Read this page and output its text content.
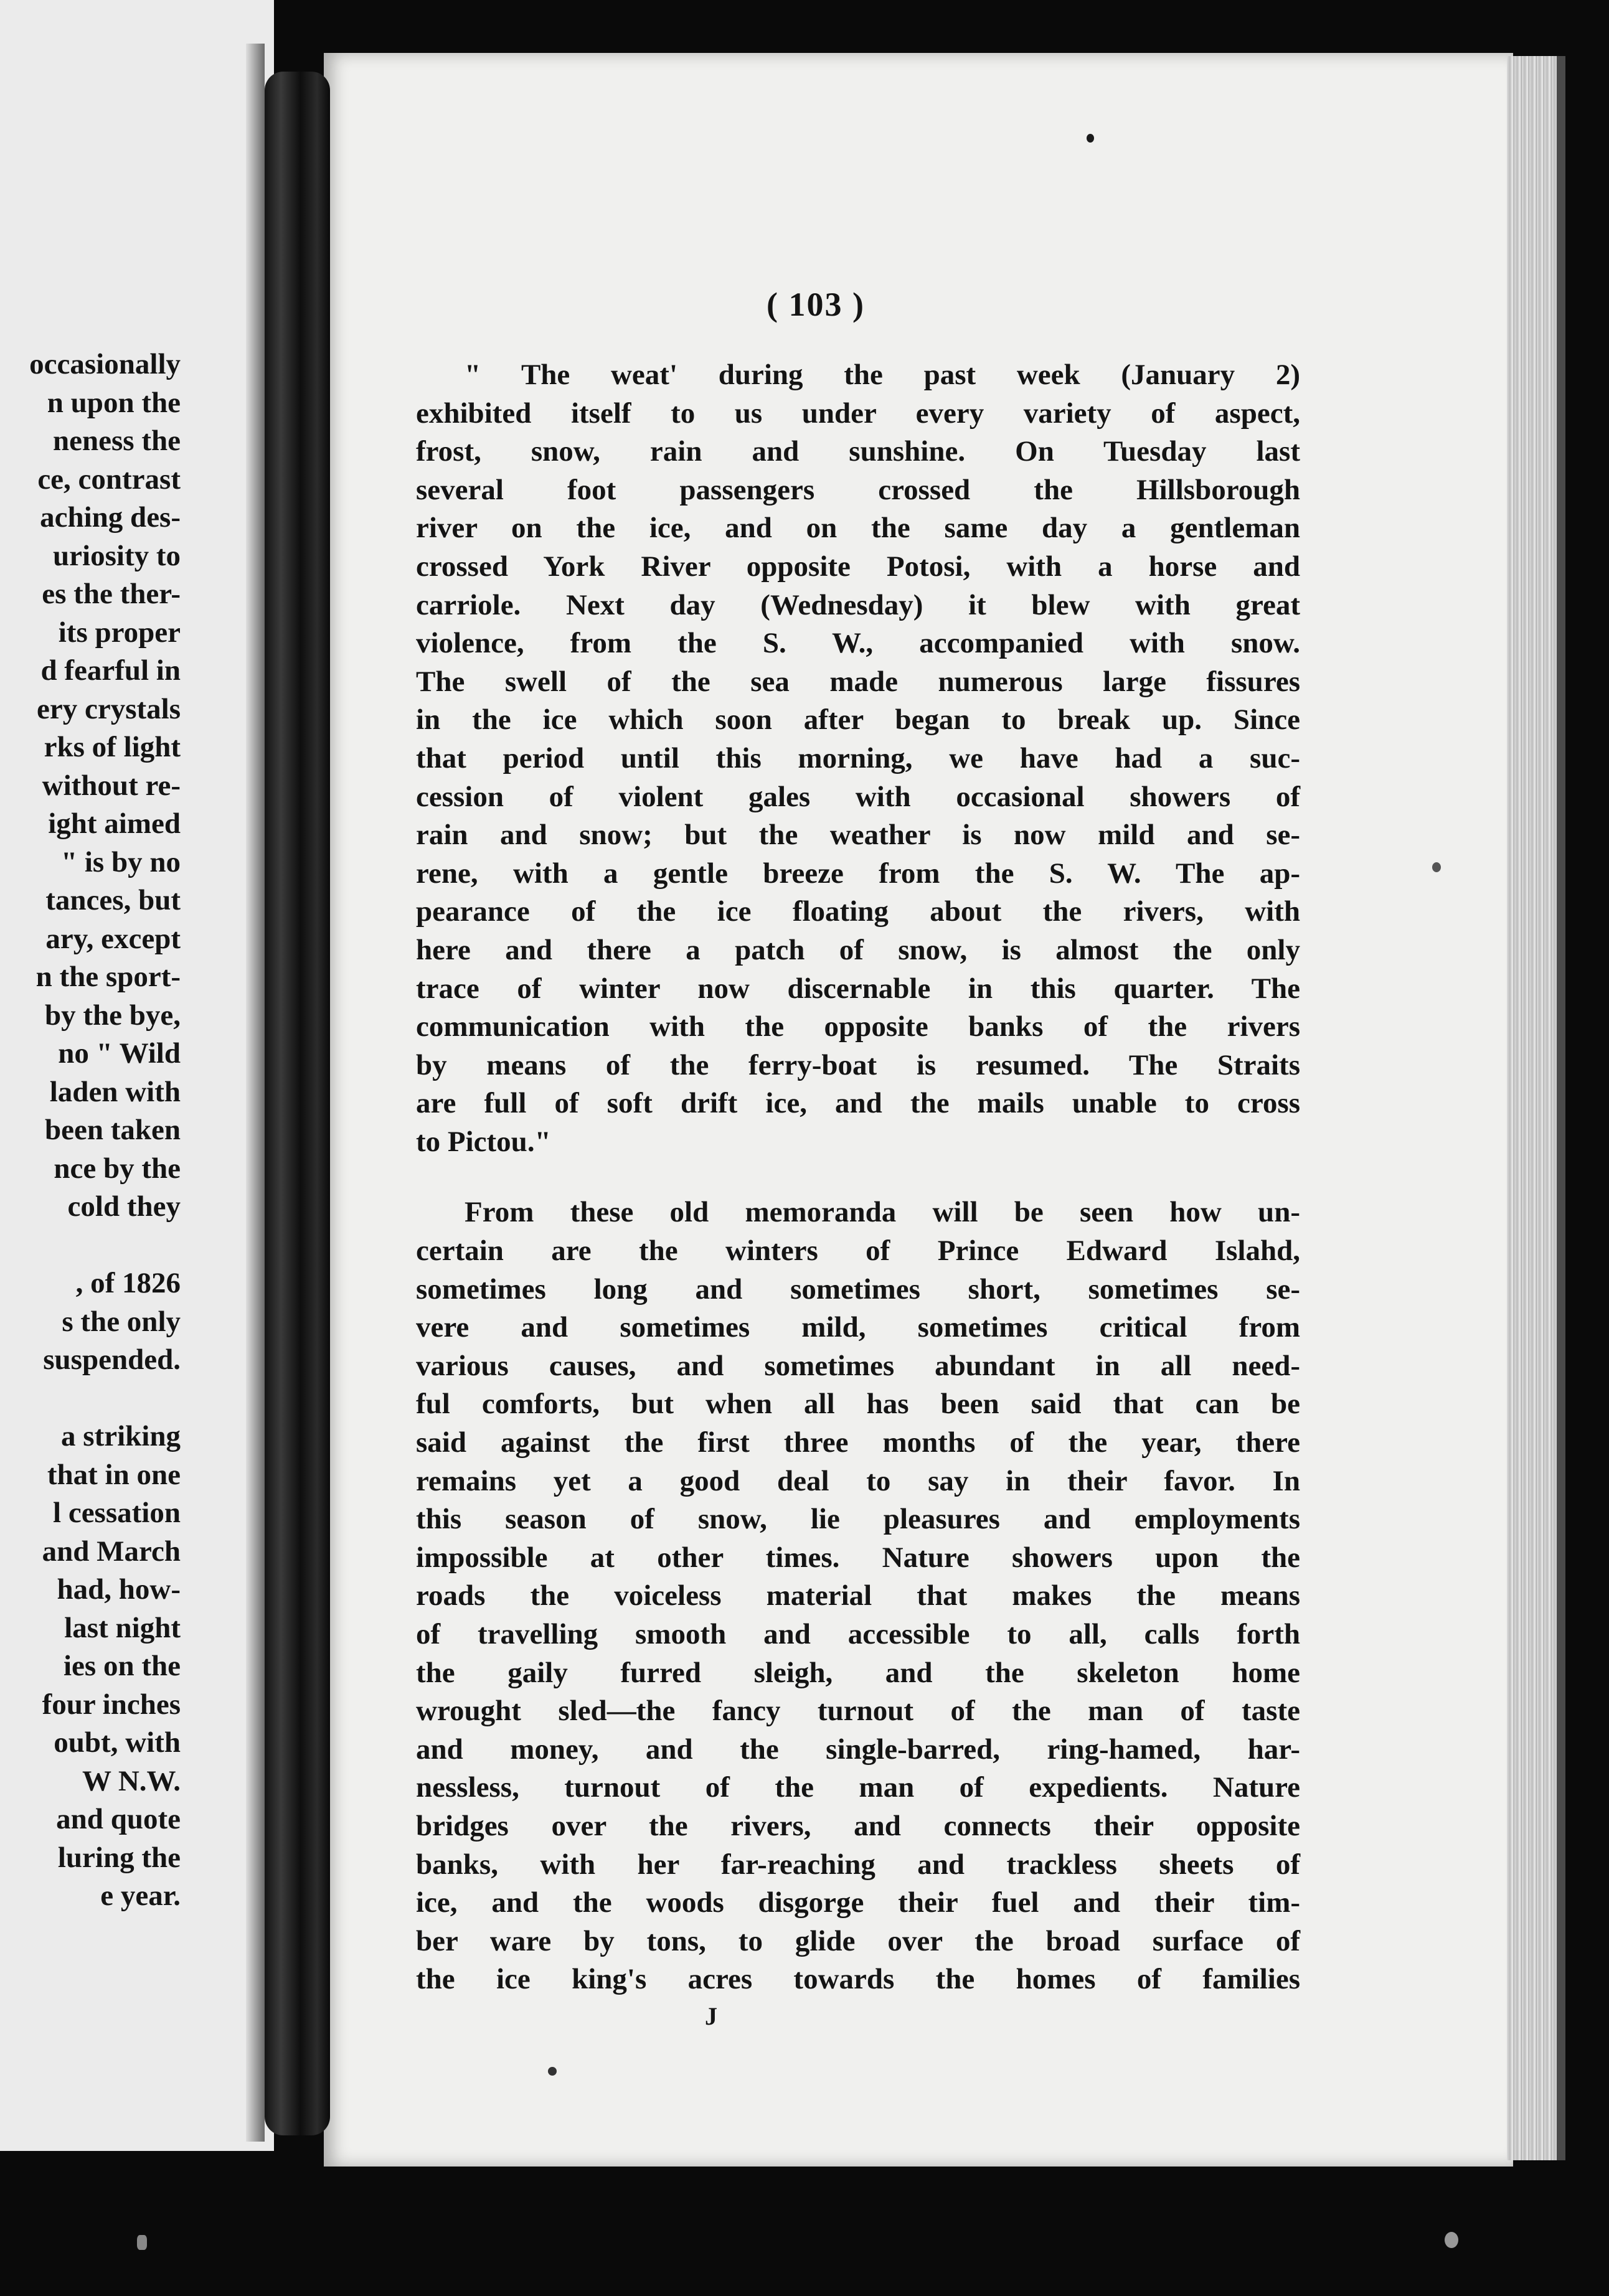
occasionally
n upon the
neness the
ce, contrast
aching des-
uriosity to
es the ther-
its proper
d fearful in
ery crystals
rks of light
without re-
ight aimed
" is by no
tances, but
ary, except
n the sport-
by the bye,
no " Wild
laden with
been taken
nce by the
cold they
, of 1826
s the only
suspended.
a striking
that in one
l cessation
and March
had, how-
last night
ies on the
four inches
oubt, with
W N.W.
and quote
luring the
e year.
( 103 )
" The weat' during the past week (January 2)
exhibited itself to us under every variety of aspect,
frost, snow, rain and sunshine. On Tuesday last
several foot passengers crossed the Hillsborough
river on the ice, and on the same day a gentleman
crossed York River opposite Potosi, with a horse and
carriole. Next day (Wednesday) it blew with great
violence, from the S. W., accompanied with snow.
The swell of the sea made numerous large fissures
in the ice which soon after began to break up. Since
that period until this morning, we have had a suc-
cession of violent gales with occasional showers of
rain and snow; but the weather is now mild and se-
rene, with a gentle breeze from the S. W. The ap-
pearance of the ice floating about the rivers, with
here and there a patch of snow, is almost the only
trace of winter now discernable in this quarter. The
communication with the opposite banks of the rivers
by means of the ferry-boat is resumed. The Straits
are full of soft drift ice, and the mails unable to cross
to Pictou."
From these old memoranda will be seen how un-
certain are the winters of Prince Edward Islahd,
sometimes long and sometimes short, sometimes se-
vere and sometimes mild, sometimes critical from
various causes, and sometimes abundant in all need-
ful comforts, but when all has been said that can be
said against the first three months of the year, there
remains yet a good deal to say in their favor. In
this season of snow, lie pleasures and employments
impossible at other times. Nature showers upon the
roads the voiceless material that makes the means
of travelling smooth and accessible to all, calls forth
the gaily furred sleigh, and the skeleton home
wrought sled—the fancy turnout of the man of taste
and money, and the single-barred, ring-hamed, har-
nessless, turnout of the man of expedients. Nature
bridges over the rivers, and connects their opposite
banks, with her far-reaching and trackless sheets of
ice, and the woods disgorge their fuel and their tim-
ber ware by tons, to glide over the broad surface of
the ice king's acres towards the homes of families
J
